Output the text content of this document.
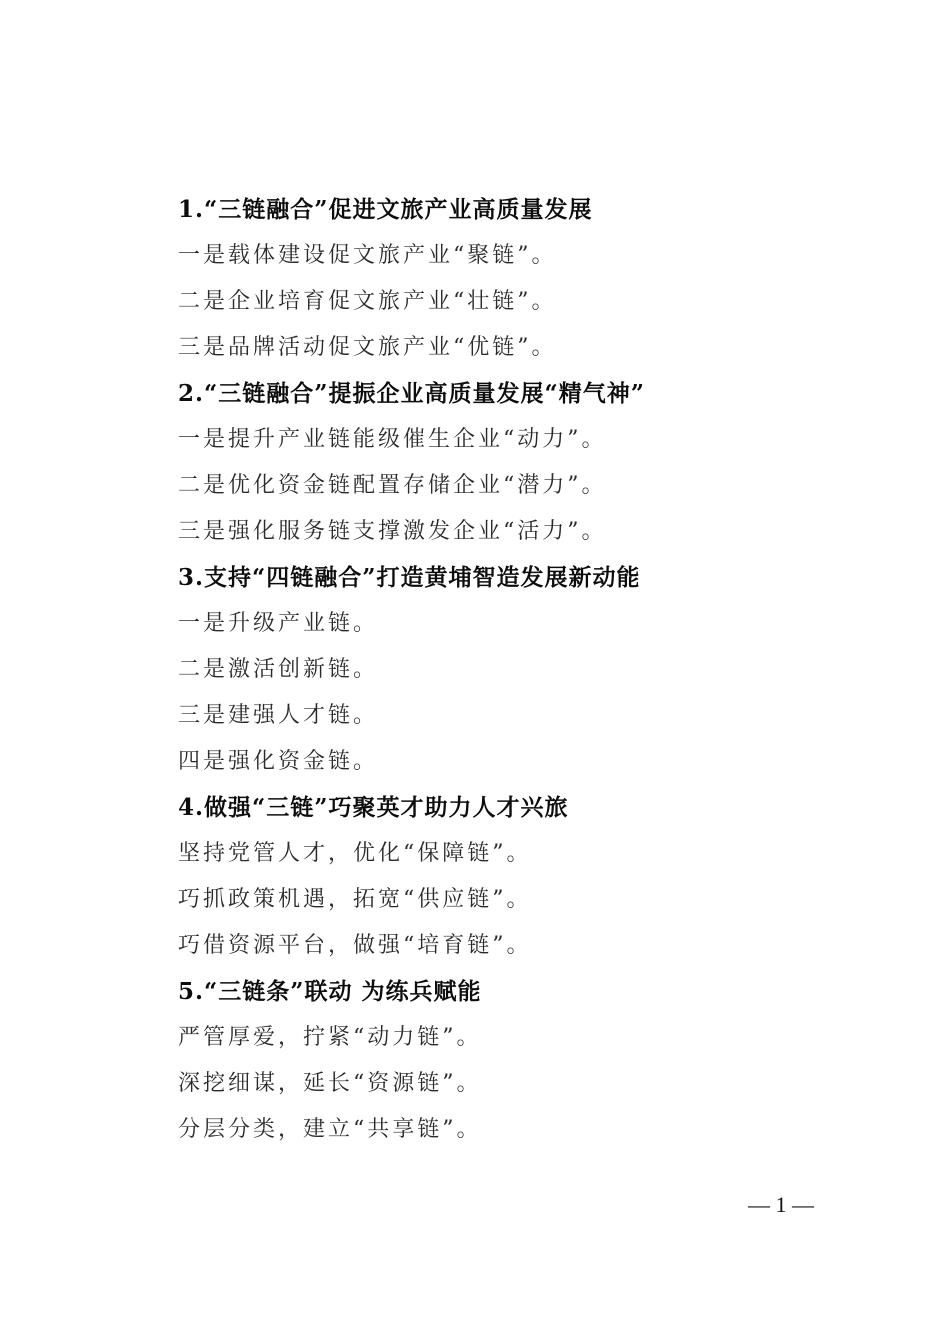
1.“三链融合”促进文旅产业高质量发展
一是载体建设促文旅产业“聚链”。
二是企业培育促文旅产业“壮链”。
三是品牌活动促文旅产业“优链”。
2.“三链融合”提振企业高质量发展“精气神”
一是提升产业链能级催生企业“动力”。
二是优化资金链配置存储企业“潜力”。
三是强化服务链支撑激发企业“活力”。
3.支持“四链融合”打造黄埔智造发展新动能
一是升级产业链。
二是激活创新链。
三是建强人才链。
四是强化资金链。
4.做强“三链”巧聚英才助力人才兴旅
坚持党管人才，优化“保障链”。
巧抓政策机遇，拓宽“供应链”。
巧借资源平台，做强“培育链”。
5.“三链条”联动 为练兵赋能
严管厚爱，拧紧“动力链”。
深挖细谋，延长“资源链”。
分层分类，建立“共享链”。
— 1 —
